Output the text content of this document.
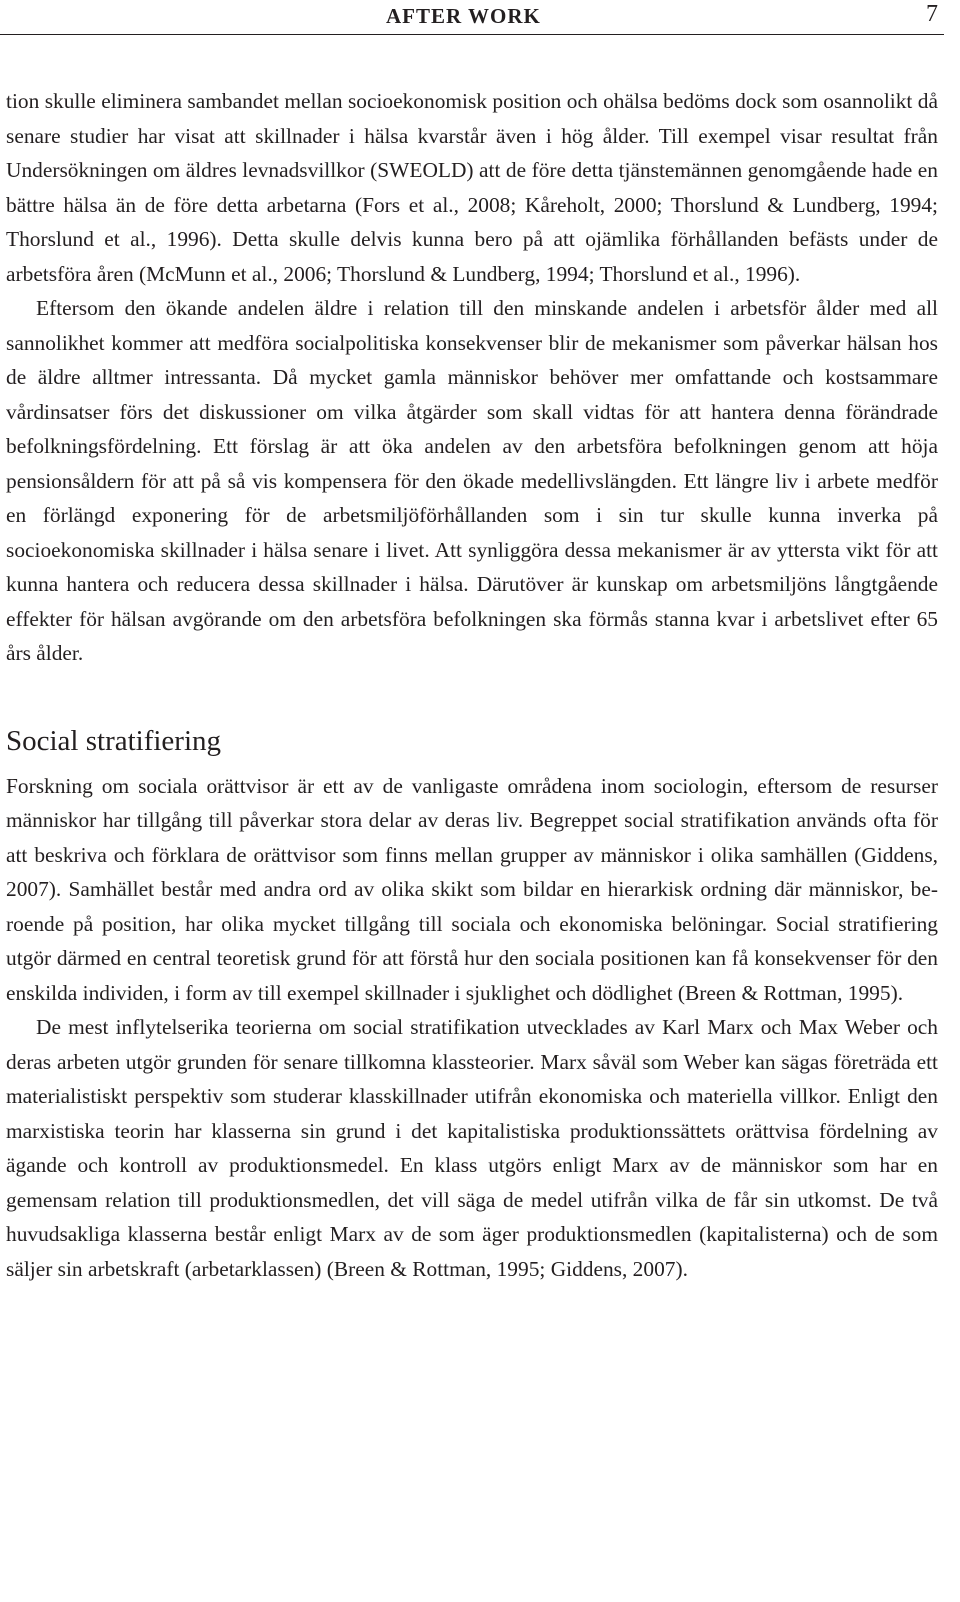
AFTER WORK	7

tion skulle eliminera sambandet mellan socioekonomisk position och ohälsa bedöms dock som osannolikt då senare studier har visat att skillnader i hälsa kvarstår även i hög ålder. Till exempel visar resultat från Undersökningen om äldres levnadsvillkor (SWEOLD) att de före detta tjänstemännen genomgående hade en bättre hälsa än de före detta arbetarna (Fors et al., 2008; Kåreholt, 2000; Thorslund & Lundberg, 1994; Thorslund et al., 1996). Detta skulle delvis kunna bero på att ojämlika förhållanden befästs under de arbetsföra åren (McMunn et al., 2006; Thorslund & Lundberg, 1994; Thorslund et al., 1996).

Eftersom den ökande andelen äldre i relation till den minskande andelen i arbetsför ålder med all sannolikhet kommer att medföra socialpolitiska konsekvenser blir de mekanismer som påverkar hälsan hos de äldre alltmer intressanta. Då mycket gamla människor behöver mer omfattande och kostsammare vårdinsatser förs det diskussioner om vilka åtgärder som skall vidtas för att hantera denna förändrade befolkningsfördelning. Ett förslag är att öka andelen av den arbetsföra befolkningen genom att höja pensionsåldern för att på så vis kompensera för den ökade medellivslängden. Ett längre liv i arbete medför en förlängd exponering för de arbetsmiljöförhållanden som i sin tur skulle kunna inverka på socioekonomiska skillnader i hälsa senare i livet. Att synliggöra dessa mekanismer är av yttersta vikt för att kunna hantera och reducera dessa skillnader i hälsa. Därutöver är kunskap om arbetsmiljöns långtgående effekter för hälsan avgörande om den arbetsföra befolkningen ska förmås stanna kvar i arbetslivet efter 65 års ålder.

Social stratifiering

Forskning om sociala orättvisor är ett av de vanligaste områdena inom sociologin, eftersom de resurser människor har tillgång till påverkar stora delar av deras liv. Begreppet social stratifikation används ofta för att beskriva och förklara de orättvisor som finns mellan grupper av människor i olika samhällen (Giddens, 2007). Samhället består med andra ord av olika skikt som bildar en hierarkisk ordning där människor, beroende på position, har olika mycket tillgång till sociala och ekonomiska belöningar. Social stratifiering utgör därmed en central teoretisk grund för att förstå hur den sociala positionen kan få konsekvenser för den enskilda individen, i form av till exempel skillnader i sjuklighet och dödlighet (Breen & Rottman, 1995).

De mest inflytelserika teorierna om social stratifikation utvecklades av Karl Marx och Max Weber och deras arbeten utgör grunden för senare tillkomna klassteorier. Marx såväl som Weber kan sägas företräda ett materialistiskt perspektiv som studerar klasskillnader utifrån ekonomiska och materiella villkor. Enligt den marxistiska teorin har klasserna sin grund i det kapitalistiska produktionssättets orättvisa fördelning av ägande och kontroll av produktionsmedel. En klass utgörs enligt Marx av de människor som har en gemensam relation till produktionsmedlen, det vill säga de medel utifrån vilka de får sin utkomst. De två huvudsakliga klasserna består enligt Marx av de som äger produktionsmedlen (kapitalisterna) och de som säljer sin arbetskraft (arbetarklassen) (Breen & Rottman, 1995; Giddens, 2007).
